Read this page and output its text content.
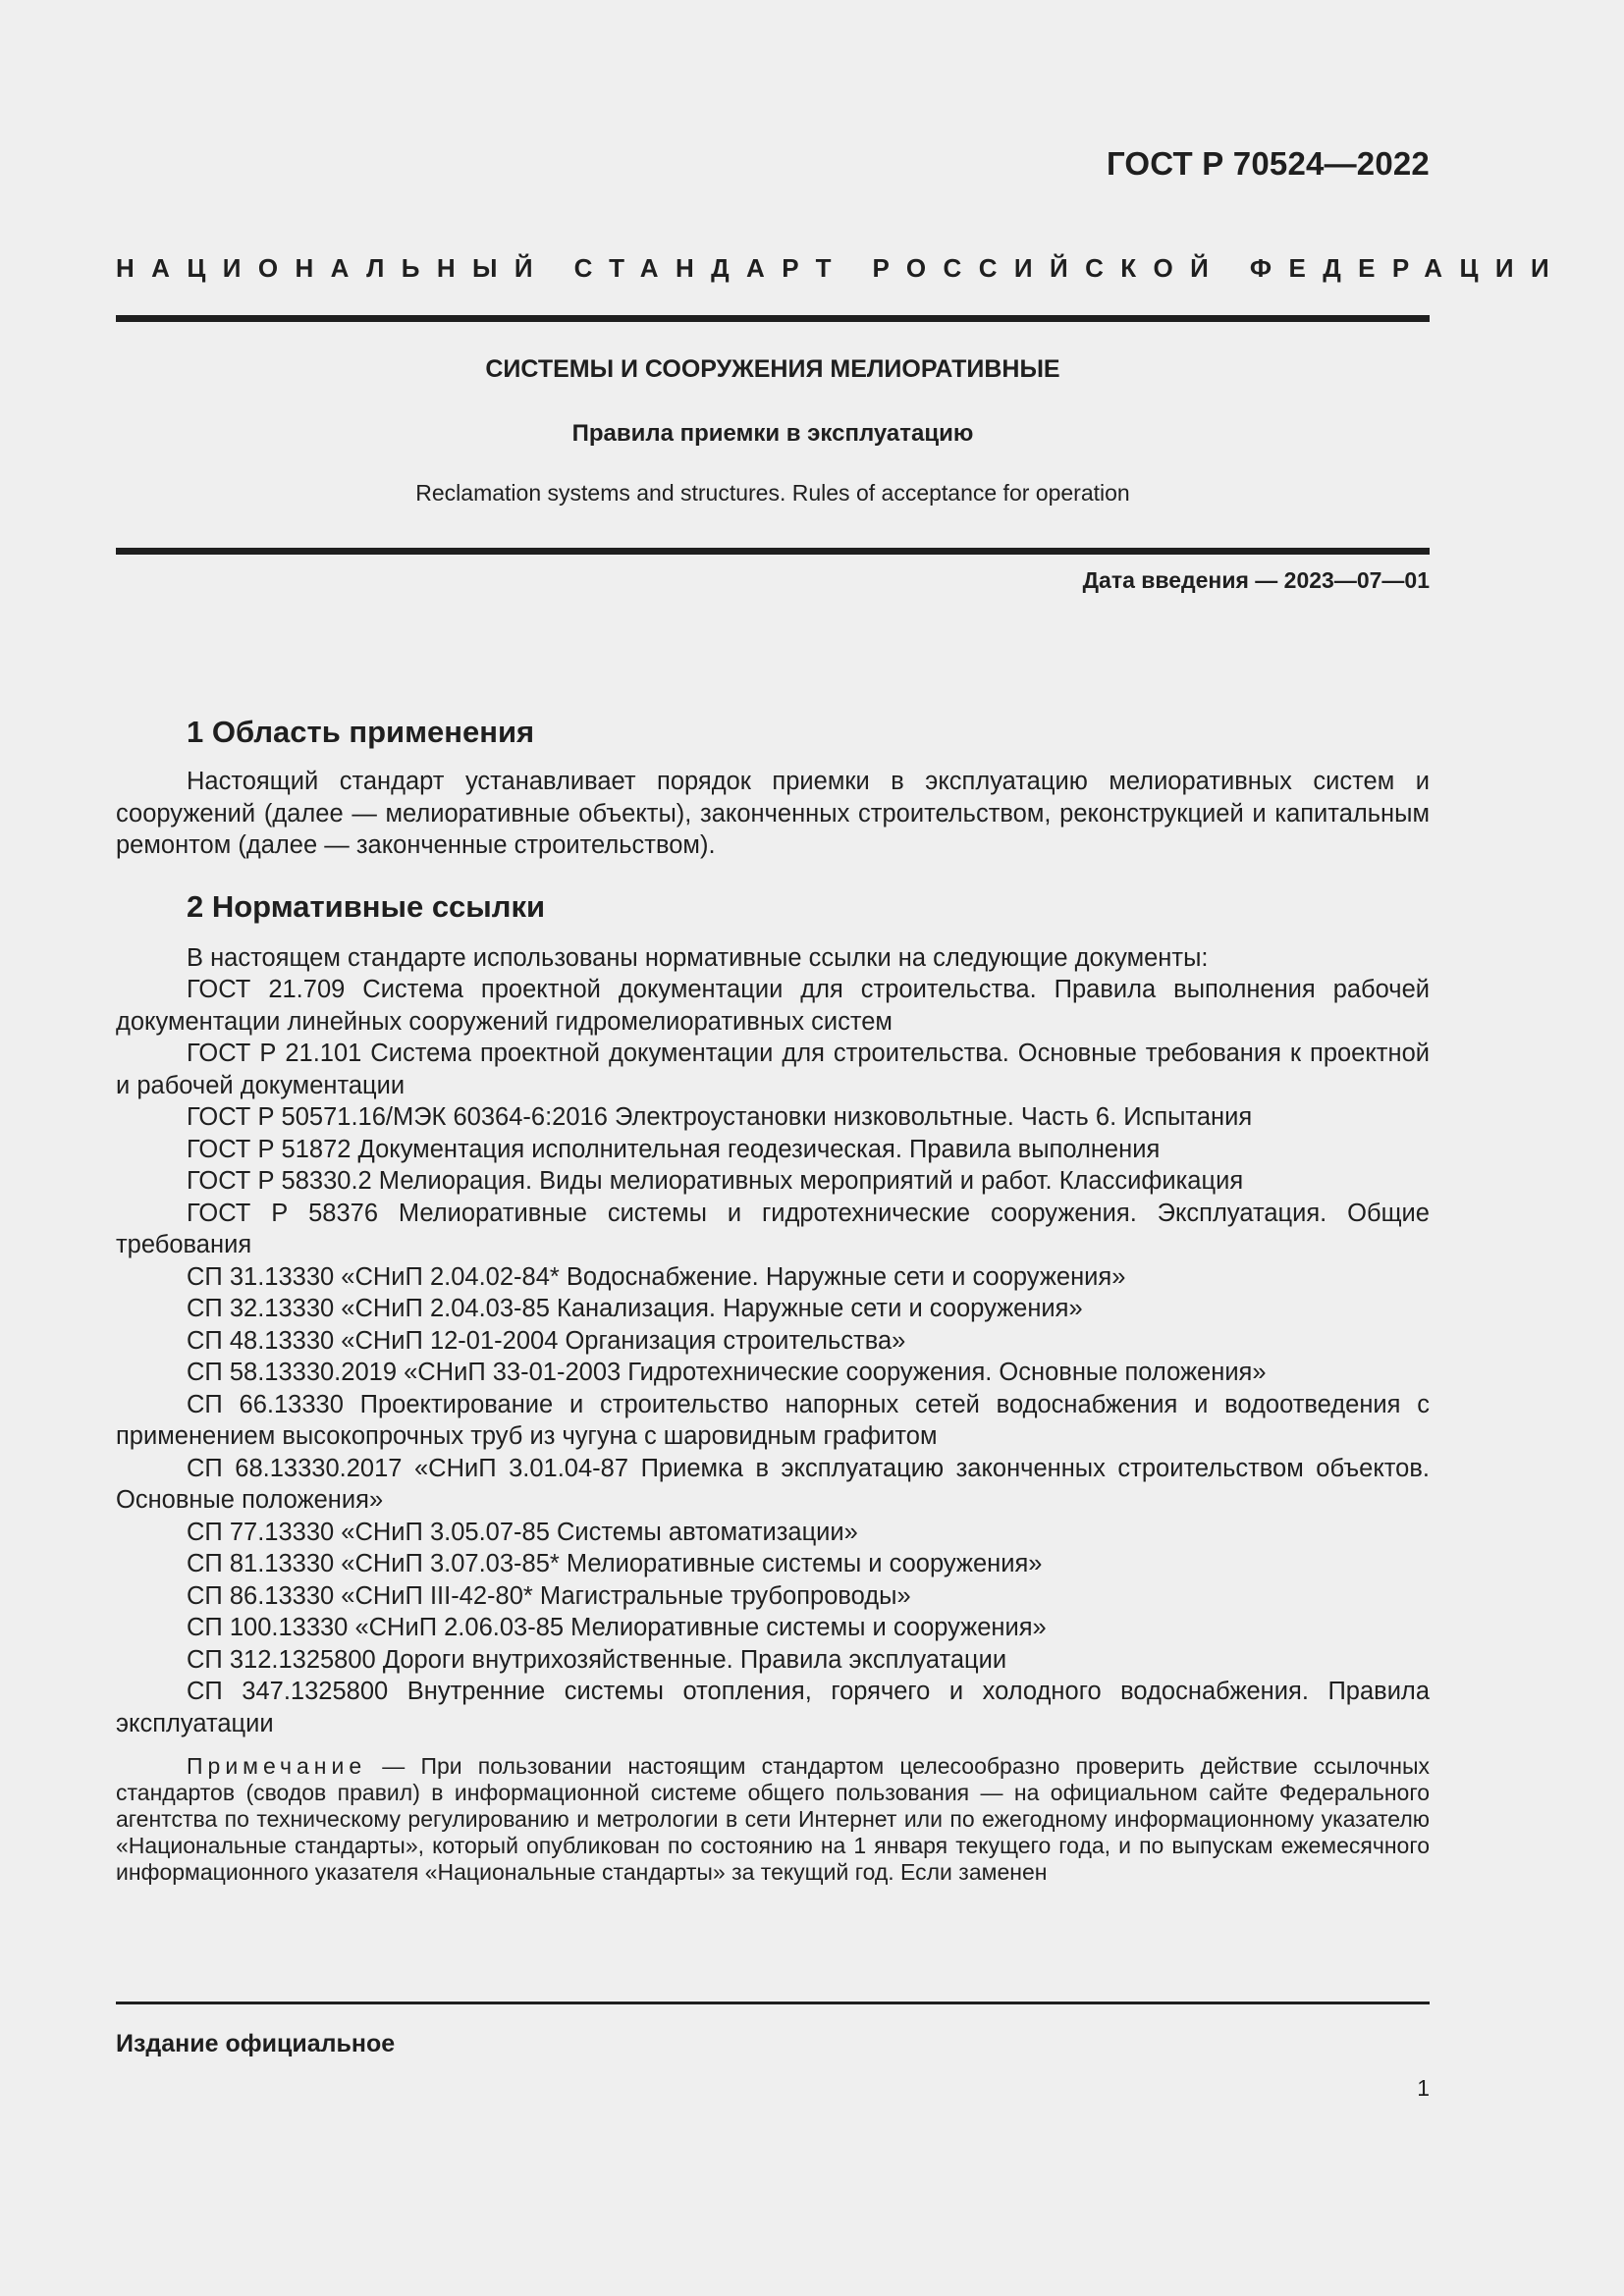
ГОСТ Р 70524—2022
НАЦИОНАЛЬНЫЙ СТАНДАРТ РОССИЙСКОЙ ФЕДЕРАЦИИ
СИСТЕМЫ И СООРУЖЕНИЯ МЕЛИОРАТИВНЫЕ
Правила приемки в эксплуатацию
Reclamation systems and structures. Rules of acceptance for operation
Дата введения — 2023—07—01
1 Область применения

Настоящий стандарт устанавливает порядок приемки в эксплуатацию мелиоративных систем и сооружений (далее — мелиоративные объекты), законченных строительством, реконструкцией и капитальным ремонтом (далее — законченные строительством).

2 Нормативные ссылки

В настоящем стандарте использованы нормативные ссылки на следующие документы:

ГОСТ 21.709 Система проектной документации для строительства. Правила выполнения рабочей документации линейных сооружений гидромелиоративных систем

ГОСТ Р 21.101 Система проектной документации для строительства. Основные требования к проектной и рабочей документации

ГОСТ Р 50571.16/МЭК 60364-6:2016 Электроустановки низковольтные. Часть 6. Испытания

ГОСТ Р 51872 Документация исполнительная геодезическая. Правила выполнения

ГОСТ Р 58330.2 Мелиорация. Виды мелиоративных мероприятий и работ. Классификация

ГОСТ Р 58376 Мелиоративные системы и гидротехнические сооружения. Эксплуатация. Общие требования

СП 31.13330 «СНиП 2.04.02-84* Водоснабжение. Наружные сети и сооружения»

СП 32.13330 «СНиП 2.04.03-85 Канализация. Наружные сети и сооружения»

СП 48.13330 «СНиП 12-01-2004 Организация строительства»

СП 58.13330.2019 «СНиП 33-01-2003 Гидротехнические сооружения. Основные положения»

СП 66.13330 Проектирование и строительство напорных сетей водоснабжения и водоотведения с применением высокопрочных труб из чугуна с шаровидным графитом

СП 68.13330.2017 «СНиП 3.01.04-87 Приемка в эксплуатацию законченных строительством объектов. Основные положения»

СП 77.13330 «СНиП 3.05.07-85 Системы автоматизации»

СП 81.13330 «СНиП 3.07.03-85* Мелиоративные системы и сооружения»

СП 86.13330 «СНиП III-42-80* Магистральные трубопроводы»

СП 100.13330 «СНиП 2.06.03-85 Мелиоративные системы и сооружения»

СП 312.1325800 Дороги внутрихозяйственные. Правила эксплуатации

СП 347.1325800 Внутренние системы отопления, горячего и холодного водоснабжения. Правила эксплуатации

Примечание — При пользовании настоящим стандартом целесообразно проверить действие ссылочных стандартов (сводов правил) в информационной системе общего пользования — на официальном сайте Федерального агентства по техническому регулированию и метрологии в сети Интернет или по ежегодному информационному указателю «Национальные стандарты», который опубликован по состоянию на 1 января текущего года, и по выпускам ежемесячного информационного указателя «Национальные стандарты» за текущий год. Если заменен
Издание официальное
1
